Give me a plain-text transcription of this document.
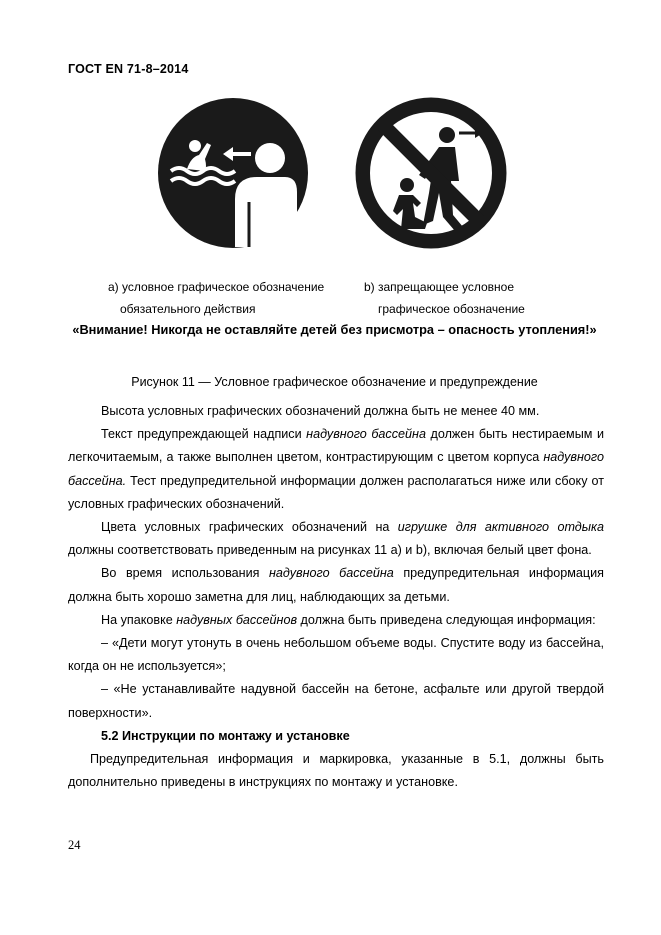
ГОСТ EN 71-8–2014
а) условное графическое обозначение
обязательного действия
b) запрещающее условное
графическое обозначение
«Внимание! Никогда не оставляйте детей без присмотра – опасность утопления!»
Рисунок 11 — Условное графическое обозначение и предупреждение

Высота условных графических обозначений должна быть не менее 40 мм.

Текст предупреждающей надписи надувного бассейна должен быть нестираемым и легкочитаемым, а также выполнен цветом, контрастирующим с цветом корпуса надувного бассейна. Тест предупредительной информации должен располагаться ниже или сбоку от условных графических обозначений.

Цвета условных графических обозначений на игрушке для активного отдыка должны соответствовать приведенным на рисунках 11 а) и b), включая белый цвет фона.

Во время использования надувного бассейна предупредительная информация должна быть хорошо заметна для лиц, наблюдающих за детьми.

На упаковке надувных бассейнов должна быть приведена следующая информация:

– «Дети могут утонуть в очень небольшом объеме воды. Спустите воду из бассейна, когда он не используется»;

– «Не устанавливайте надувной бассейн на бетоне, асфальте или другой твердой поверхности».

5.2 Инструкции по монтажу и установке

Предупредительная информация и маркировка, указанные в 5.1, должны быть дополнительно приведены в инструкциях по монтажу и установке.

24
